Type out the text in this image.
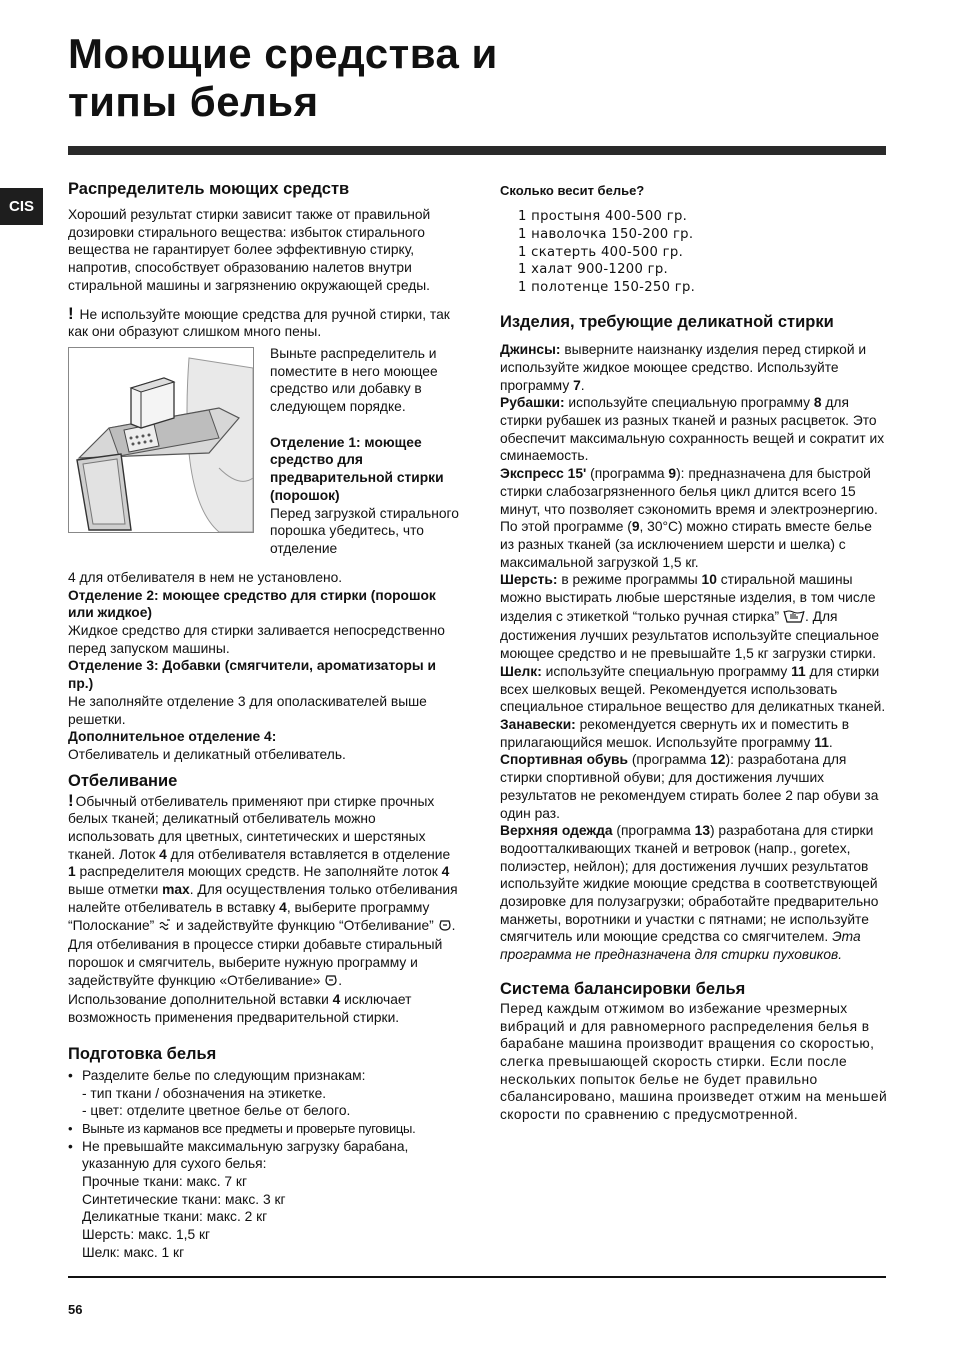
Моющие средства и
типы белья
CIS
Распределитель моющих средств

Хороший результат стирки зависит также от правильной дозировки стирального вещества: избыток стирального вещества не гарантирует более эффективную стирку, напротив, способствует образованию налетов внутри стиральной машины и загрязнению окружающей среды.

! Не используйте моющие средства для ручной стирки, так как они образуют слишком много пены.

Выньте распределитель и поместите в него моющее средство или добавку в следующем порядке.

Отделение 1: моющее средство для предварительной стирки (порошок)

Перед загрузкой стирального порошка убедитесь, что отделение

4 для отбеливателя в нем не установлено.

Отделение 2: моющее средство для стирки (порошок или жидкое)

Жидкое средство для стирки заливается непосредственно перед запуском машины.

Отделение 3: Добавки (смягчители, ароматизаторы и пр.)

Не заполняйте отделение 3 для ополаскивателей выше решетки.

Дополнительное отделение 4:

Отбеливатель и деликатный отбеливатель.

Отбеливание

! Обычный отбеливатель применяют при стирке прочных белых тканей; деликатный отбеливатель можно использовать для цветных, синтетических и шерстяных тканей. Лоток 4 для отбеливателя вставляется в отделение 1 распределителя моющих средств. Не заполняйте лоток 4 выше отметки max. Для осуществления только отбеливания налейте отбеливатель в вставку 4, выберите программу “Полоскание”  и задействуйте функцию “Отбеливание” . Для отбеливания в процессе стирки добавьте стиральный порошок и смягчитель, выберите нужную программу и задействуйте функцию «Отбеливание» .
Использование дополнительной вставки 4 исключает возможность применения предварительной стирки.

Подготовка белья
• Разделите белье по следующим признакам:
- тип ткани / обозначения на этикетке.
- цвет: отделите цветное белье от белого.
• Выньте из карманов все предметы и проверьте пуговицы.
• Не превышайте максимальную загрузку барабана, указанную для сухого белья:
Прочные ткани: макс. 7 кг
Синтетические ткани: макс. 3 кг
Деликатные ткани: макс. 2 кг
Шерсть: макс. 1,5 кг
Шелк: макс. 1 кг
Сколько весит белье?
1 простыня 400-500 гр.
1 наволочка 150-200 гр.
1 скатерть 400-500 гр.
1 халат 900-1200 гр.
1 полотенце 150-250 гр.
Изделия, требующие деликатной стирки

Джинсы: выверните наизнанку изделия перед стиркой и используйте жидкое моющее средство. Используйте программу 7.

Рубашки: используйте специальную программу 8 для стирки рубашек из разных тканей и разных расцветок. Это обеспечит максимальную сохранность вещей и сократит их сминаемость.

Экспресс 15' (программа 9): предназначена для быстрой стирки слабозагрязненного белья цикл длится всего 15 минут, что позволяет сэкономить время и электроэнергию. По этой программе (9, 30°С) можно стирать вместе белье из разных тканей (за исключением шерсти и шелка) с максимальной загрузкой 1,5 кг.

Шерсть: в режиме программы 10 стиральной машины можно выстирать любые шерстяные изделия, в том числе изделия с этикеткой “только ручная стирка” . Для достижения лучших результатов используйте специальное моющее средство и не превышайте 1,5 кг загрузки стирки.

Шелк: используйте специальную программу 11 для стирки всех шелковых вещей. Рекомендуется использовать специальное стиральное вещество для деликатных тканей.

Занавески: рекомендуется свернуть их и поместить в прилагающийся мешок. Используйте программу 11.

Спортивная обувь (программа 12): разработана для стирки спортивной обуви; для достижения лучших результатов не рекомендуем стирать более 2 пар обуви за один раз.

Верхняя одежда (программа 13) разработана для стирки водоотталкивающих тканей и ветровок (напр., goretex, полиэстер, нейлон); для достижения лучших результатов используйте жидкие моющие средства в соответствующей дозировке для полузагрузки; обработайте предварительно манжеты, воротники и участки с пятнами; не используйте смягчитель или моющие средства со смягчителем. Эта программа не предназначена для стирки пуховиков.

Система балансировки белья

Перед каждым отжимом во избежание чрезмерных вибраций и для равномерного распределения белья в барабане машина производит вращения со скоростью, слегка превышающей скорость стирки. Если после нескольких попыток белье не будет правильно сбалансировано, машина произведет отжим на меньшей скорости по сравнению с предусмотренной.

56
